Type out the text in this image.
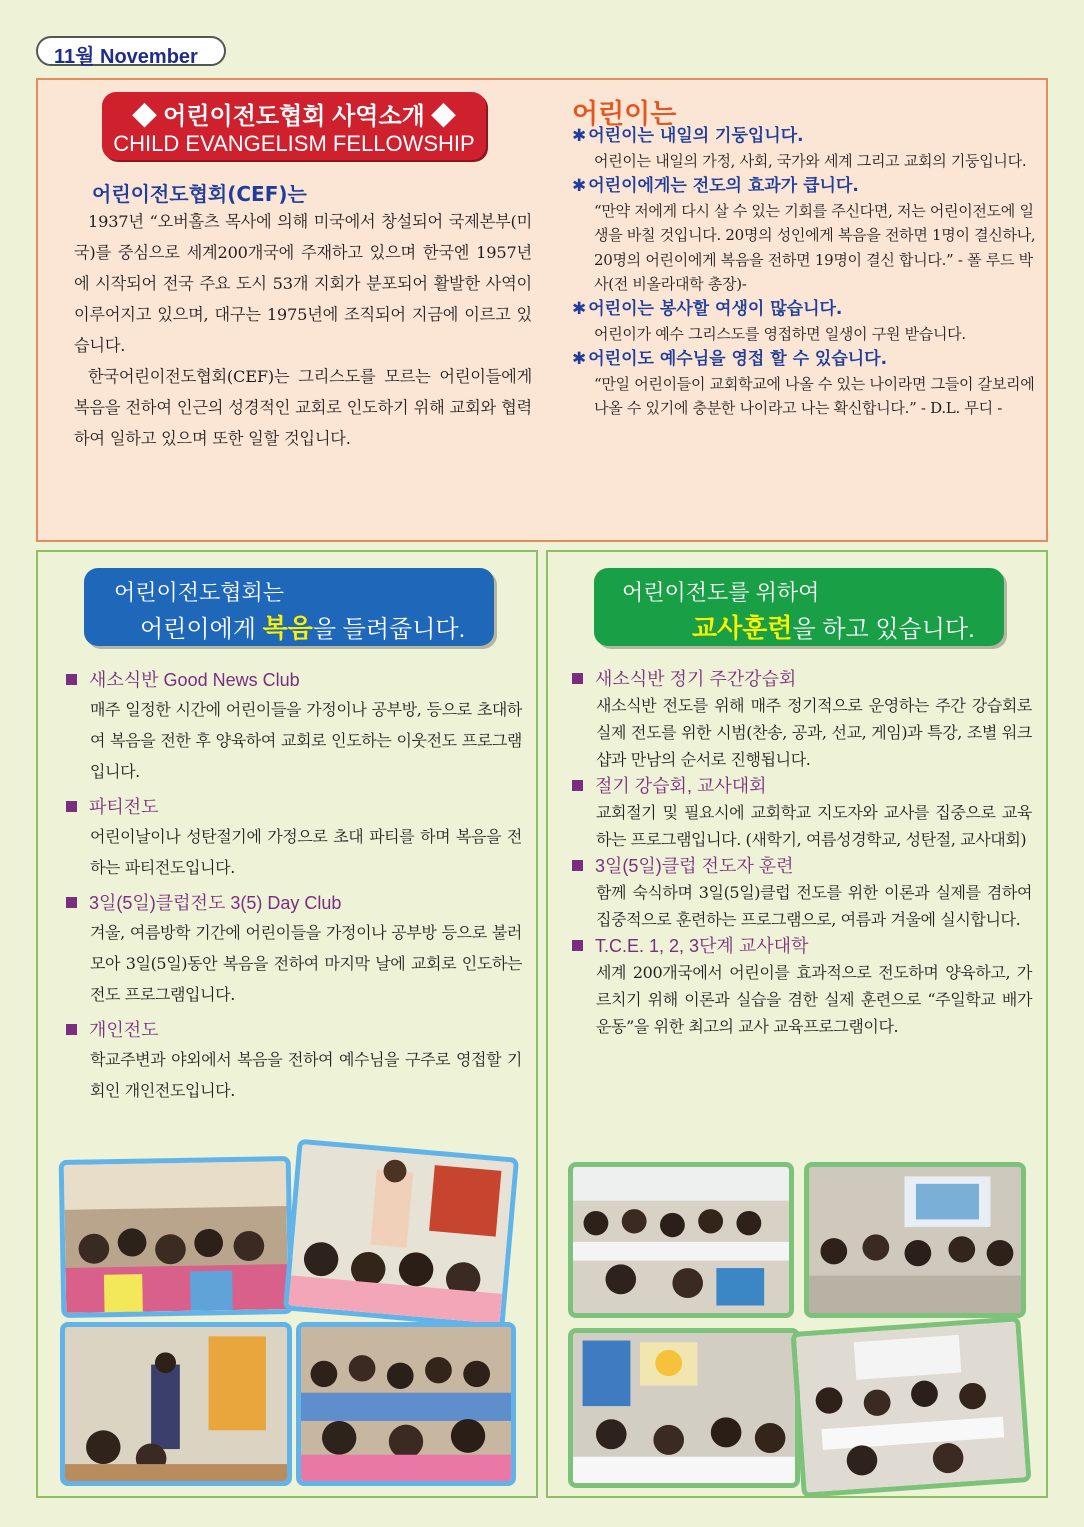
11월 November
◆ 어린이전도협회 사역소개 ◆
CHILD EVANGELISM FELLOWSHIP
어린이전도협회(CEF)는

1937년 “오버홀츠 목사에 의해 미국에서 창설되어 국제본부(미국)를 중심으로 세계200개국에 주재하고 있으며 한국엔 1957년에 시작되어 전국 주요 도시 53개 지회가 분포되어 활발한 사역이 이루어지고 있으며, 대구는 1975년에 조직되어 지금에 이르고 있습니다.

한국어린이전도협회(CEF)는 그리스도를 모르는 어린이들에게 복음을 전하여 인근의 성경적인 교회로 인도하기 위해 교회와 협력하여 일하고 있으며 또한 일할 것입니다.

어린이는
✱ 어린이는 내일의 기둥입니다.
어린이는 내일의 가정, 사회, 국가와 세계 그리고 교회의 기둥입니다.
✱ 어린이에게는 전도의 효과가 큽니다.
“만약 저에게 다시 살 수 있는 기회를 주신다면, 저는 어린이전도에 일생을 바칠 것입니다. 20명의 성인에게 복음을 전하면 1명이 결신하나, 20명의 어린이에게 복음을 전하면 19명이 결신 합니다.” - 폴 루드 박사(전 비올라대학 총장)-
✱ 어린이는 봉사할 여생이 많습니다.
어린이가 예수 그리스도를 영접하면 일생이 구원 받습니다.
✱ 어린이도 예수님을 영접 할 수 있습니다.
“만일 어린이들이 교회학교에 나올 수 있는 나이라면 그들이 갈보리에 나올 수 있기에 충분한 나이라고 나는 확신합니다.” - D.L. 무디 -
어린이전도협회는
어린이에게 복음을 들려줍니다.
새소식반 Good News Club
매주 일정한 시간에 어린이들을 가정이나 공부방, 등으로 초대하여 복음을 전한 후 양육하여 교회로 인도하는 이웃전도 프로그램입니다.
파티전도
어린이날이나 성탄절기에 가정으로 초대 파티를 하며 복음을 전하는 파티전도입니다.
3일(5일)클럽전도 3(5) Day Club
겨울, 여름방학 기간에 어린이들을 가정이나 공부방 등으로 불러 모아 3일(5일)동안 복음을 전하여 마지막 날에 교회로 인도하는 전도 프로그램입니다.
개인전도
학교주변과 야외에서 복음을 전하여 예수님을 구주로 영접할 기회인 개인전도입니다.
어린이전도를 위하여
교사훈련을 하고 있습니다.
새소식반 정기 주간강습회
새소식반 전도를 위해 매주 정기적으로 운영하는 주간 강습회로 실제 전도를 위한 시범(찬송, 공과, 선교, 게임)과 특강, 조별 워크샵과 만남의 순서로 진행됩니다.
절기 강습회, 교사대회
교회절기 및 필요시에 교회학교 지도자와 교사를 집중으로 교육하는 프로그램입니다. (새학기, 여름성경학교, 성탄절, 교사대회)
3일(5일)클럽 전도자 훈련
함께 숙식하며 3일(5일)클럽 전도를 위한 이론과 실제를 겸하여 집중적으로 훈련하는 프로그램으로, 여름과 겨울에 실시합니다.
T.C.E. 1, 2, 3단계 교사대학
세계 200개국에서 어린이를 효과적으로 전도하며 양육하고, 가르치기 위해 이론과 실습을 겸한 실제 훈련으로 “주일학교 배가운동”을 위한 최고의 교사 교육프로그램이다.
